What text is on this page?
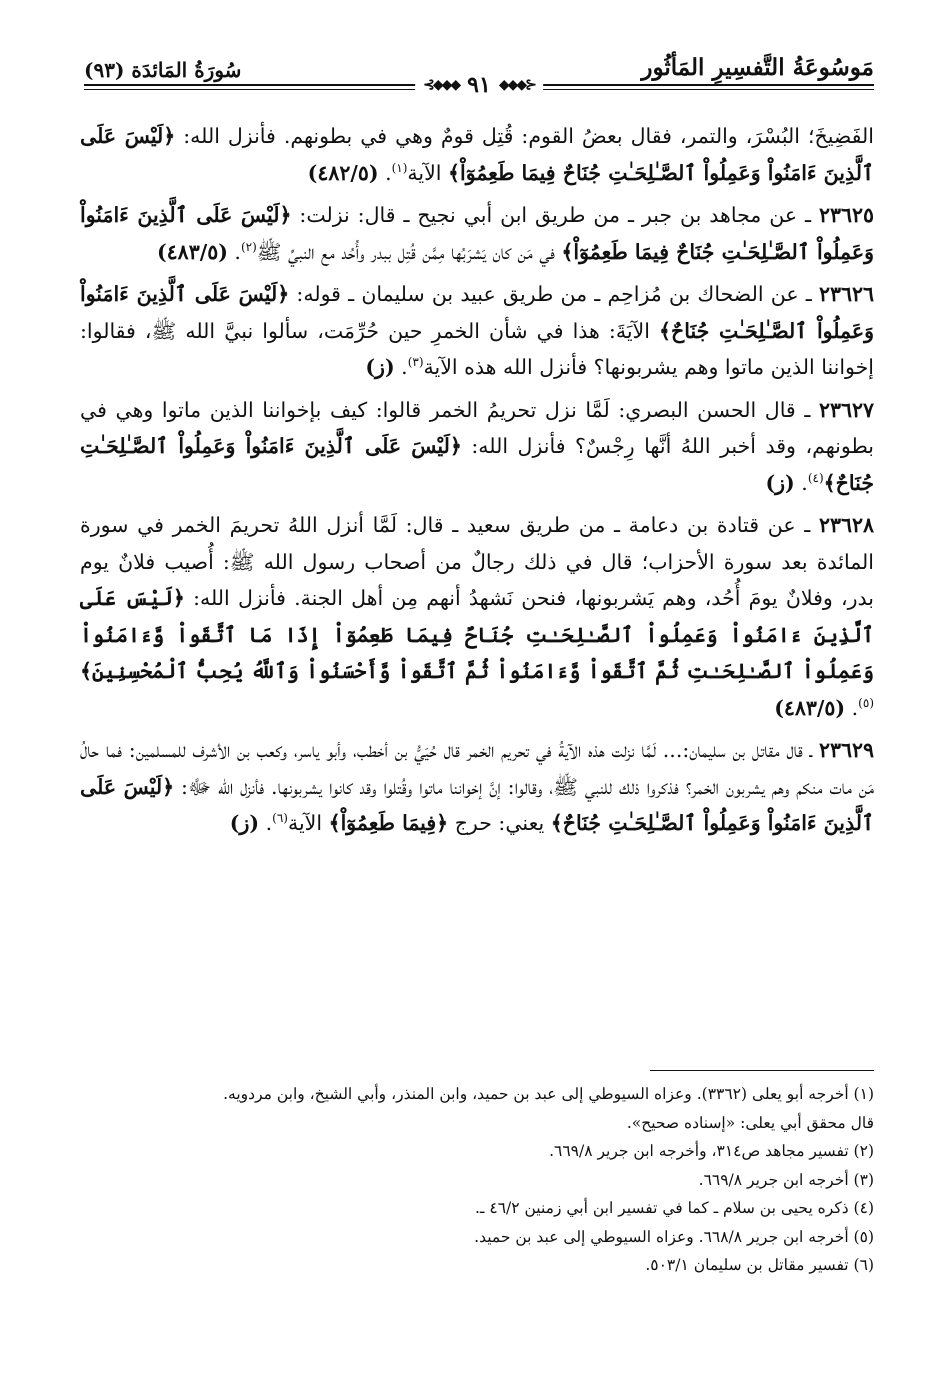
سُورَةُ المَائدَة (٩٣)	مَوسُوعَةُ التَّفسِيرِ المَأثُور
⊰◆◆◆ ٩١ ◆◆◆⊱

الفَضِيخَ؛ البُسْرَ، والتمر، فقال بعضُ القوم: قُتِل قومٌ وهي في بطونهم. فأنزل الله: ﴿لَيْسَ عَلَى ٱلَّذِينَ ءَامَنُواْ وَعَمِلُواْ ٱلصَّـٰلِحَـٰتِ جُنَاحٌ فِيمَا طَعِمُوٓاْ﴾ الآية$^{(١)}$. (٤٨٢/٥)

٢٣٦٢٥ ـ عن مجاهد بن جبر ـ من طريق ابن أبي نجيح ـ قال: نزلت: ﴿لَيْسَ عَلَى ٱلَّذِينَ ءَامَنُواْ وَعَمِلُواْ ٱلصَّـٰلِحَـٰتِ جُنَاحٌ فِيمَا طَعِمُوٓاْ﴾ في مَن كان يَشرَبُها مِمَّن قُتِل ببدر وأُحُد مع النبيِّ ﷺ$^{(٢)}$. (٤٨٣/٥)

٢٣٦٢٦ ـ عن الضحاك بن مُزاحِم ـ من طريق عبيد بن سليمان ـ قوله: ﴿لَيْسَ عَلَى ٱلَّذِينَ ءَامَنُواْ وَعَمِلُواْ ٱلصَّـٰلِحَـٰتِ جُنَاحٌ﴾ الآيَةَ: هذا في شأن الخمرِ حين حُرِّمَت، سألوا نبيَّ الله ﷺ، فقالوا: إخواننا الذين ماتوا وهم يشربونها؟ فأنزل الله هذه الآية$^{(٣)}$. (ز)

٢٣٦٢٧ ـ قال الحسن البصري: لَمَّا نزل تحريمُ الخمر قالوا: كيف بإخواننا الذين ماتوا وهي في بطونهم، وقد أخبر اللهُ أنَّها رِجْسٌ؟ فأنزل الله: ﴿لَيْسَ عَلَى ٱلَّذِينَ ءَامَنُواْ وَعَمِلُواْ ٱلصَّـٰلِحَـٰتِ جُنَاحٌ﴾$^{(٤)}$. (ز)

٢٣٦٢٨ ـ عن قتادة بن دعامة ـ من طريق سعيد ـ قال: لَمَّا أنزل اللهُ تحريمَ الخمر في سورة المائدة بعد سورة الأحزاب؛ قال في ذلك رجالٌ من أصحاب رسول الله ﷺ: أُصيب فلانٌ يوم بدر، وفلانٌ يومَ أُحُد، وهم يَشربونها، فنحن نَشهدُ أنهم مِن أهل الجنة. فأنزل الله: ﴿لَيْسَ عَلَى ٱلَّذِينَ ءَامَنُواْ وَعَمِلُواْ ٱلصَّـٰلِحَـٰتِ جُنَاحٌ فِيمَا طَعِمُوٓاْ إِذَا مَا ٱتَّقَواْ وَّءَامَنُواْ وَعَمِلُواْ ٱلصَّـٰلِحَـٰتِ ثُمَّ ٱتَّقَواْ وَّءَامَنُواْ ثُمَّ ٱتَّقَواْ وَّأَحْسَنُواْ وَٱللَّهُ يُحِبُّ ٱلْمُحْسِنِينَ﴾$^{(٥)}$. (٤٨٣/٥)

٢٣٦٢٩ ـ قال مقاتل بن سليمان:... لَمَّا نزلت هذه الآيةُ في تحريم الخمر قال حُيَيُّ بن أخطب، وأبو ياسر، وكعب بن الأشرف للمسلمين: فما حالُ مَن مات منكم وهم يشربون الخمر؟ فذكروا ذلك للنبي ﷺ، وقالوا: إنَّ إخواننا ماتوا وقُتلوا وقد كانوا يشربونها. فأنزل الله ﷻ: ﴿لَيْسَ عَلَى ٱلَّذِينَ ءَامَنُواْ وَعَمِلُواْ ٱلصَّـٰلِحَـٰتِ جُنَاحٌ﴾ يعني: حرج ﴿فِيمَا طَعِمُوٓاْ﴾ الآية$^{(٦)}$. (ز)

(١) أخرجه أبو يعلى (٣٣٦٢). وعزاه السيوطي إلى عبد بن حميد، وابن المنذر، وأبي الشيخ، وابن مردويه.

قال محقق أبي يعلى: «إسناده صحيح».

(٢) تفسير مجاهد ص٣١٤، وأخرجه ابن جرير ٦٦٩/٨.

(٣) أخرجه ابن جرير ٦٦٩/٨.

(٤) ذكره يحيى بن سلام ـ كما في تفسير ابن أبي زمنين ٤٦/٢ ـ.

(٥) أخرجه ابن جرير ٦٦٨/٨. وعزاه السيوطي إلى عبد بن حميد.

(٦) تفسير مقاتل بن سليمان ٥٠٣/١.
